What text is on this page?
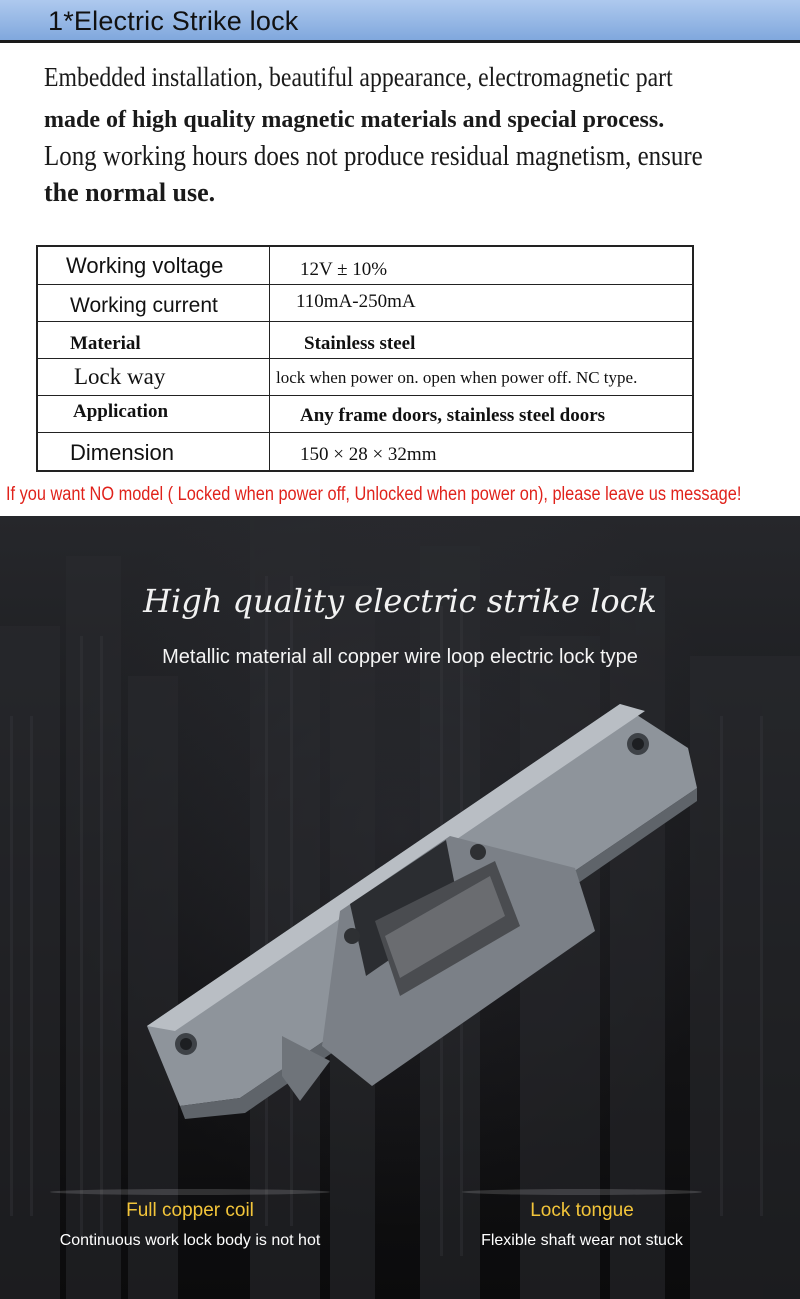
1*Electric Strike lock
Embedded installation, beautiful appearance, electromagnetic part
made of high quality magnetic materials and special process.
Long working hours does not produce residual magnetism, ensure
the normal use.
Working voltage	12V ± 10%
Working current	110mA-250mA
Material	Stainless steel
Lock way	lock when power on. open when power off. NC type.
Application	Any frame doors, stainless steel doors
Dimension	150 × 28 × 32mm
If you want NO model ( Locked when power off, Unlocked when power on), please leave us message!
High quality electric strike lock
Metallic material all copper wire loop electric lock type
Full copper coil
Continuous work lock body is not hot
Lock tongue
Flexible shaft wear not stuck
